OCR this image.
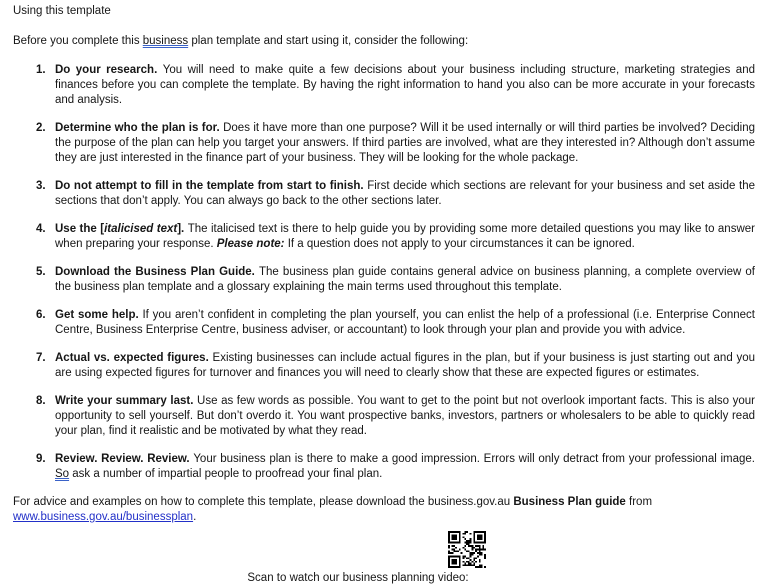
Using this template

Before you complete this business plan template and start using it, consider the following:

1. Do your research. You will need to make quite a few decisions about your business including structure, marketing strategies and finances before you can complete the template. By having the right information to hand you also can be more accurate in your forecasts and analysis.
2. Determine who the plan is for. Does it have more than one purpose? Will it be used internally or will third parties be involved? Deciding the purpose of the plan can help you target your answers. If third parties are involved, what are they interested in? Although don’t assume they are just interested in the finance part of your business. They will be looking for the whole package.
3. Do not attempt to fill in the template from start to finish. First decide which sections are relevant for your business and set aside the sections that don’t apply. You can always go back to the other sections later.
4. Use the [italicised text]. The italicised text is there to help guide you by providing some more detailed questions you may like to answer when preparing your response. Please note: If a question does not apply to your circumstances it can be ignored.
5. Download the Business Plan Guide. The business plan guide contains general advice on business planning, a complete overview of the business plan template and a glossary explaining the main terms used throughout this template.
6. Get some help. If you aren’t confident in completing the plan yourself, you can enlist the help of a professional (i.e. Enterprise Connect Centre, Business Enterprise Centre, business adviser, or accountant) to look through your plan and provide you with advice.
7. Actual vs. expected figures. Existing businesses can include actual figures in the plan, but if your business is just starting out and you are using expected figures for turnover and finances you will need to clearly show that these are expected figures or estimates.
8. Write your summary last. Use as few words as possible. You want to get to the point but not overlook important facts. This is also your opportunity to sell yourself. But don’t overdo it. You want prospective banks, investors, partners or wholesalers to be able to quickly read your plan, find it realistic and be motivated by what they read.
9. Review. Review. Review. Your business plan is there to make a good impression. Errors will only detract from your professional image. So ask a number of impartial people to proofread your final plan.

For advice and examples on how to complete this template, please download the business.gov.au Business Plan guide from www.business.gov.au/businessplan.

Scan to watch our business planning video:
